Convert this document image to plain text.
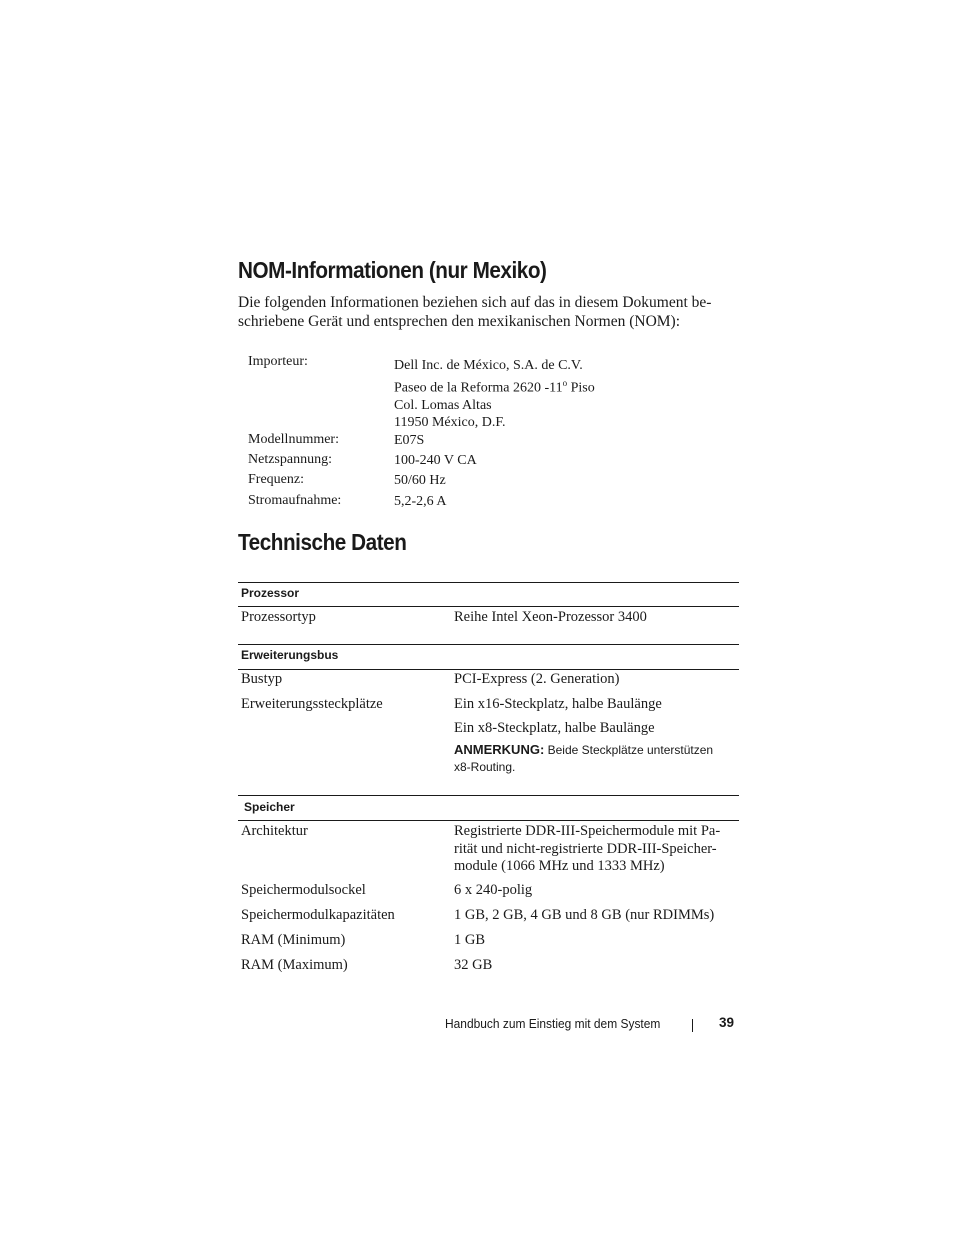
NOM-Informationen (nur Mexiko)

Die folgenden Informationen beziehen sich auf das in diesem Dokument be-
schriebene Gerät und entsprechen den mexikanischen Normen (NOM):

Importeur:	Dell Inc. de México, S.A. de C.V.
Paseo de la Reforma 2620 -11$^o$ Piso
Col. Lomas Altas
11950 México, D.F.
Modellnummer:	E07S
Netzspannung:	100-240 V CA
Frequenz:	50/60 Hz
Stromaufnahme:	5,2-2,6 A
Technische Daten
Prozessor
Prozessortyp	Reihe Intel Xeon-Prozessor 3400
Erweiterungsbus
Bustyp	PCI-Express (2. Generation)
Erweiterungssteckplätze	Ein x16-Steckplatz, halbe Baulänge
Ein x8-Steckplatz, halbe Baulänge
ANMERKUNG: Beide Steckplätze unterstützen
x8-Routing.
Speicher
Architektur	Registrierte DDR-III-Speichermodule mit Pa-
rität und nicht-registrierte DDR-III-Speicher-
module (1066 MHz und 1333 MHz)
Speichermodulsockel	6 x 240-polig
Speichermodulkapazitäten	1 GB, 2 GB, 4 GB und 8 GB (nur RDIMMs)
RAM (Minimum)	1 GB
RAM (Maximum)	32 GB
Handbuch zum Einstieg mit dem System	39
